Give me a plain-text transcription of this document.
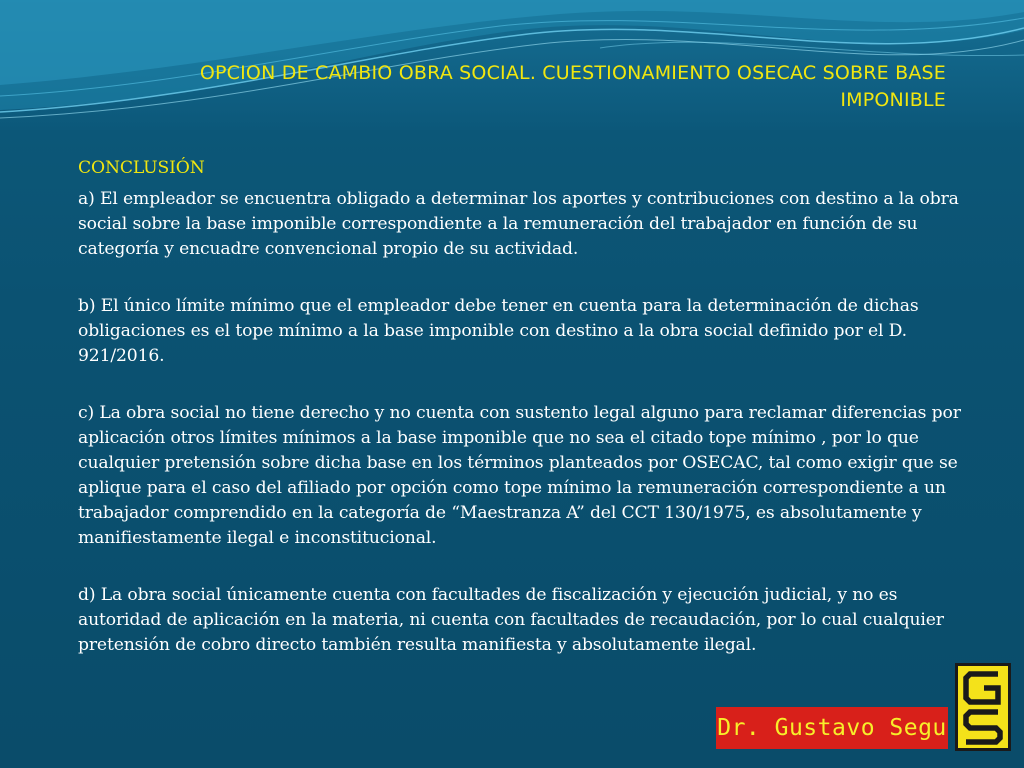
OPCION DE CAMBIO OBRA SOCIAL. CUESTIONAMIENTO OSECAC SOBRE BASE IMPONIBLE
CONCLUSIÓN

a) El empleador se encuentra obligado a determinar los aportes y contribuciones con destino a la obra social sobre la base imponible correspondiente a la remuneración del trabajador en función de su categoría y encuadre convencional propio de su actividad.

b) El único límite mínimo que el empleador debe tener en cuenta para la determinación de dichas obligaciones es el tope mínimo a la base imponible con destino a la obra social definido por el D. 921/2016.

c) La obra social no tiene derecho y no cuenta con sustento legal alguno para reclamar diferencias por aplicación otros límites mínimos a la base imponible que no sea el citado tope mínimo , por lo que cualquier pretensión sobre dicha base en los términos planteados por OSECAC, tal como exigir que se aplique para el caso del afiliado por opción como tope mínimo la remuneración correspondiente a un trabajador comprendido en la categoría de “Maestranza A” del CCT 130/1975, es absolutamente y manifiestamente ilegal e inconstitucional.

d) La obra social únicamente cuenta con facultades de fiscalización y ejecución judicial, y no es autoridad de aplicación en la materia, ni cuenta con facultades de recaudación, por lo cual cualquier pretensión de cobro directo también resulta manifiesta y absolutamente ilegal.

Dr. Gustavo Segu
